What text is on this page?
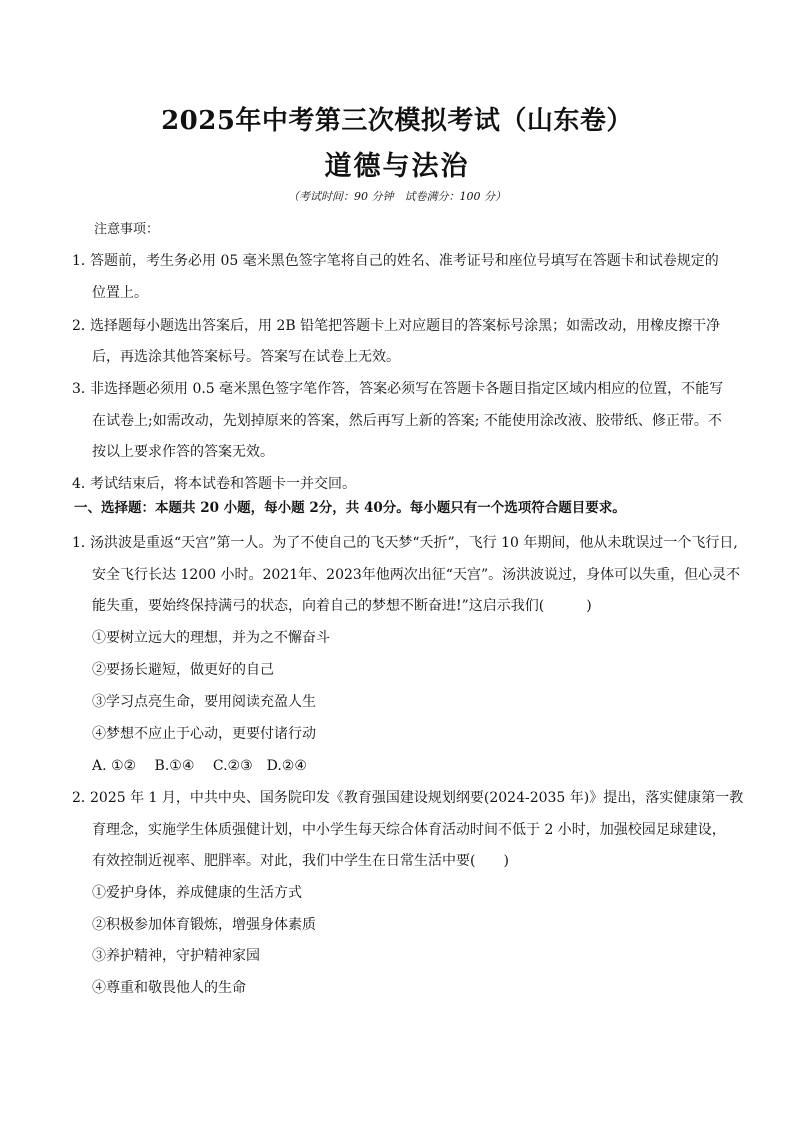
2025年中考第三次模拟考试（山东卷）
道德与法治
（考试时间：90 分钟　试卷满分：100 分）
注意事项：
1．答题前，考生务必用 05 毫米黑色签字笔将自己的姓名、准考证号和座位号填写在答题卡和试卷规定的
位置上。
2．选择题每小题选出答案后，用 2B 铅笔把答题卡上对应题目的答案标号涂黑；如需改动，用橡皮擦干净
后，再选涂其他答案标号。答案写在试卷上无效。
3．非选择题必须用 0.5 毫米黑色签字笔作答，答案必须写在答题卡各题目指定区域内相应的位置，不能写
在试卷上;如需改动，先划掉原来的答案，然后再写上新的答案; 不能使用涂改液、胶带纸、修正带。不
按以上要求作答的答案无效。
4．考试结束后，将本试卷和答题卡一并交回。
一、选择题：本题共 20 小题，每小题 2分，共 40分。每小题只有一个选项符合题目要求。
1．汤洪波是重返“天宫”第一人。为了不使自己的飞天梦“夭折”，飞行 10 年期间，他从未耽误过一个飞行日,
安全飞行长达 1200 小时。2021年、2023年他两次出征“天宫”。汤洪波说过，身体可以失重，但心灵不
能失重，要始终保持满弓的状态，向着自己的梦想不断奋进!”这启示我们(　　　)
①要树立远大的理想，并为之不懈奋斗
②要扬长避短，做更好的自己
③学习点亮生命，要用阅读充盈人生
④梦想不应止于心动，更要付诸行动
A. ①②　 B.①④　 C.②③　D.②④
2．2025 年 1 月，中共中央、国务院印发《教育强国建设规划纲要(2024-2035 年)》提出，落实健康第一教
育理念，实施学生体质强健计划，中小学生每天综合体育活动时间不低于 2 小时，加强校园足球建设，
有效控制近视率、肥胖率。对此，我们中学生在日常生活中要(　　)
①爱护身体，养成健康的生活方式
②积极参加体育锻炼，增强身体素质
③养护精神，守护精神家园
④尊重和敬畏他人的生命
